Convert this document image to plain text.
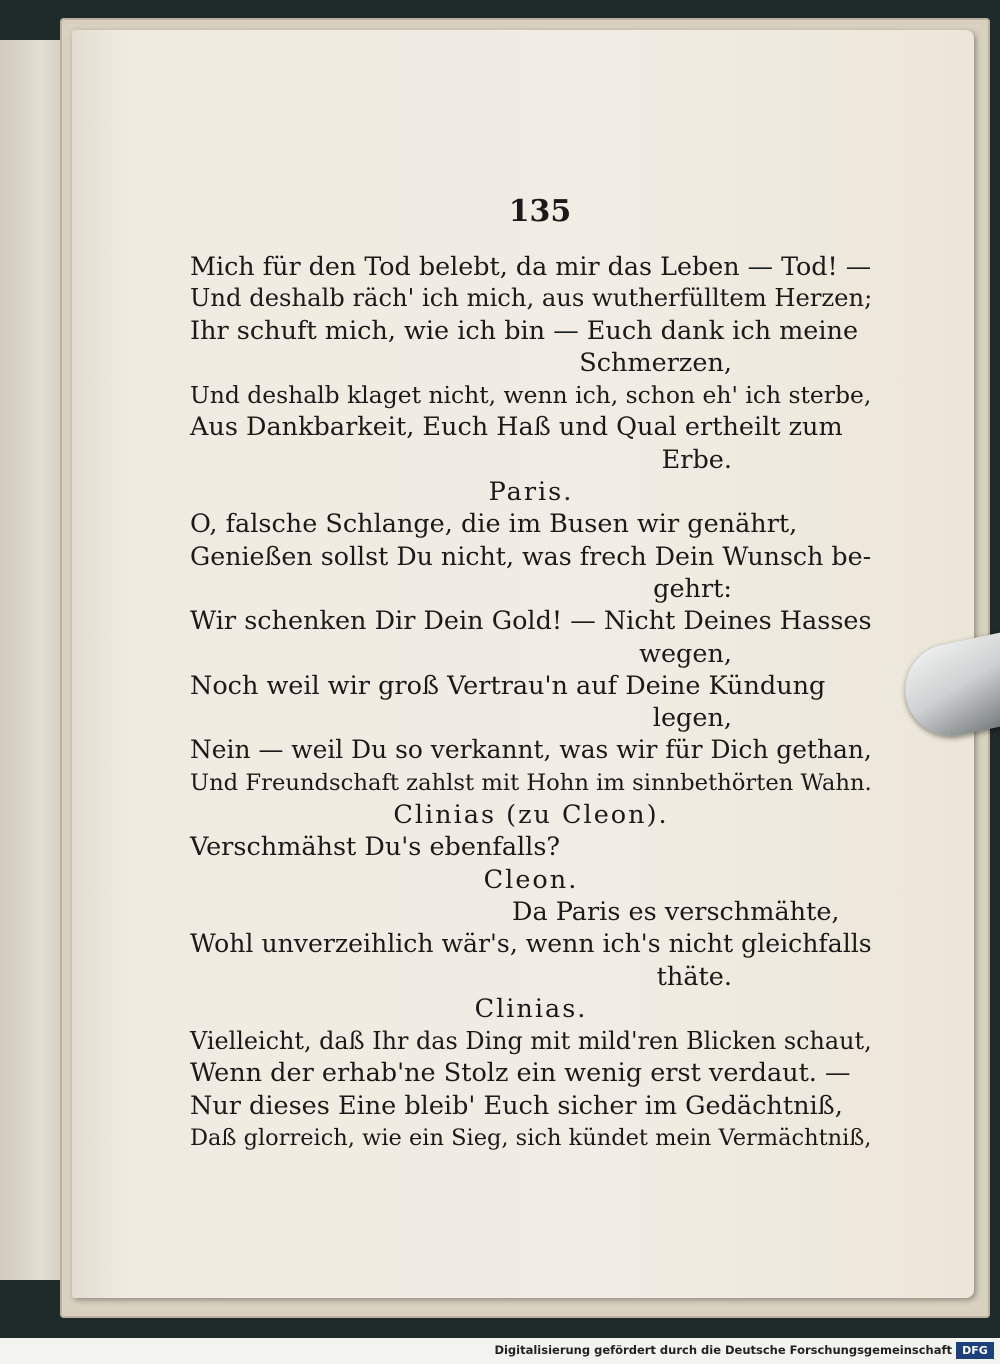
135
Mich für den Tod belebt, da mir das Leben — Tod! —
Und deshalb räch' ich mich, aus wutherfülltem Herzen;
Ihr schuft mich, wie ich bin — Euch dank ich meine
Schmerzen,
Und deshalb klaget nicht, wenn ich, schon eh' ich sterbe,
Aus Dankbarkeit, Euch Haß und Qual ertheilt zum
Erbe.
Paris.
O, falsche Schlange, die im Busen wir genährt,
Genießen sollst Du nicht, was frech Dein Wunsch be-
gehrt:
Wir schenken Dir Dein Gold! — Nicht Deines Hasses
wegen,
Noch weil wir groß Vertrau'n auf Deine Kündung
legen,
Nein — weil Du so verkannt, was wir für Dich gethan,
Und Freundschaft zahlst mit Hohn im sinnbethörten Wahn.
Clinias (zu Cleon).
Verschmähst Du's ebenfalls?
Cleon.
Da Paris es verschmähte,
Wohl unverzeihlich wär's, wenn ich's nicht gleichfalls
thäte.
Clinias.
Vielleicht, daß Ihr das Ding mit mild'ren Blicken schaut,
Wenn der erhab'ne Stolz ein wenig erst verdaut. —
Nur dieses Eine bleib' Euch sicher im Gedächtniß,
Daß glorreich, wie ein Sieg, sich kündet mein Vermächtniß,
Digitalisierung gefördert durch die Deutsche Forschungsgemeinschaft DFG
